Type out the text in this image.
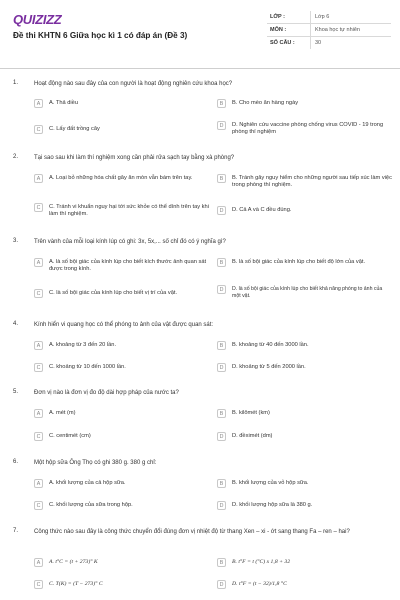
QUIZIZZ
Đề thi KHTN 6 Giữa học kì 1 có đáp án (Đề 3)
LỚP :	Lớp 6
MÔN :	Khoa học tự nhiên
SỐ CÂU :	30
1.	Hoạt động nào sau đây của con người là hoạt động nghiên cứu khoa học?
A	A. Thả diều	B	B. Cho mèo ăn hàng ngày
C	C. Lấy đất trồng cây	D	D. Nghiên cứu vaccine phòng chống virus COVID - 19 trong phòng thí nghiệm
2.	Tại sao sau khi làm thí nghiệm xong cần phải rửa sạch tay bằng xà phòng?
A	A. Loại bỏ những hóa chất gây ăn mòn vẫn bám trên tay.	B	B. Tránh gây nguy hiểm cho những người sau tiếp xúc làm việc trong phòng thí nghiệm.
C	C. Tránh vi khuẩn nguy hại tới sức khỏe có thể dính trên tay khi làm thí nghiệm.
D	D. Cả A và C đều đúng.
3.	Trên vành của mỗi loại kính lúp có ghi: 3x, 5x,... số chỉ đó có ý nghĩa gì?
A	A. là số bội giác của kính lúp cho biết kích thước ảnh quan sát được trong kính.
B	B. là số bội giác của kính lúp cho biết độ lớn của vật.
C	C. là số bội giác của kính lúp cho biết vị trí của vật.	D	D. là số bội giác của kính lúp cho biết khả năng phóng to ảnh của một vật.
4.	Kính hiển vi quang học có thể phóng to ảnh của vật được quan sát:
A	A. khoảng từ 3 đến 20 lần.	B	B. khoảng từ 40 đến 3000 lần.
C	C. khoảng từ 10 đến 1000 lần.	D	D. khoảng từ 5 đến 2000 lần.
5.	Đơn vị nào là đơn vị đo độ dài hợp pháp của nước ta?
A	A. mét (m)	B	B. kilômét (km)
C	C. centimét (cm)	D	D. đềximét (dm)
6.	Một hộp sữa Ông Thọ có ghi 380 g. 380 g chỉ:
A	A. khối lượng của cả hộp sữa.	B	B. khối lượng của vỏ hộp sữa.
C	C. khối lượng của sữa trong hộp.	D	D. khối lượng hộp sữa là 380 g.
7.	Công thức nào sau đây là công thức chuyển đổi đúng đơn vị nhiệt độ từ thang Xen – xi - ớt sang thang Fa – ren – hai?
A	A. t°C = (t + 273)° K	B	B. t°F = t (°C) x 1,8 + 32
C	C. T(K) = (T − 273)° C	D	D. t°F = (t − 32)/1,8 °C
